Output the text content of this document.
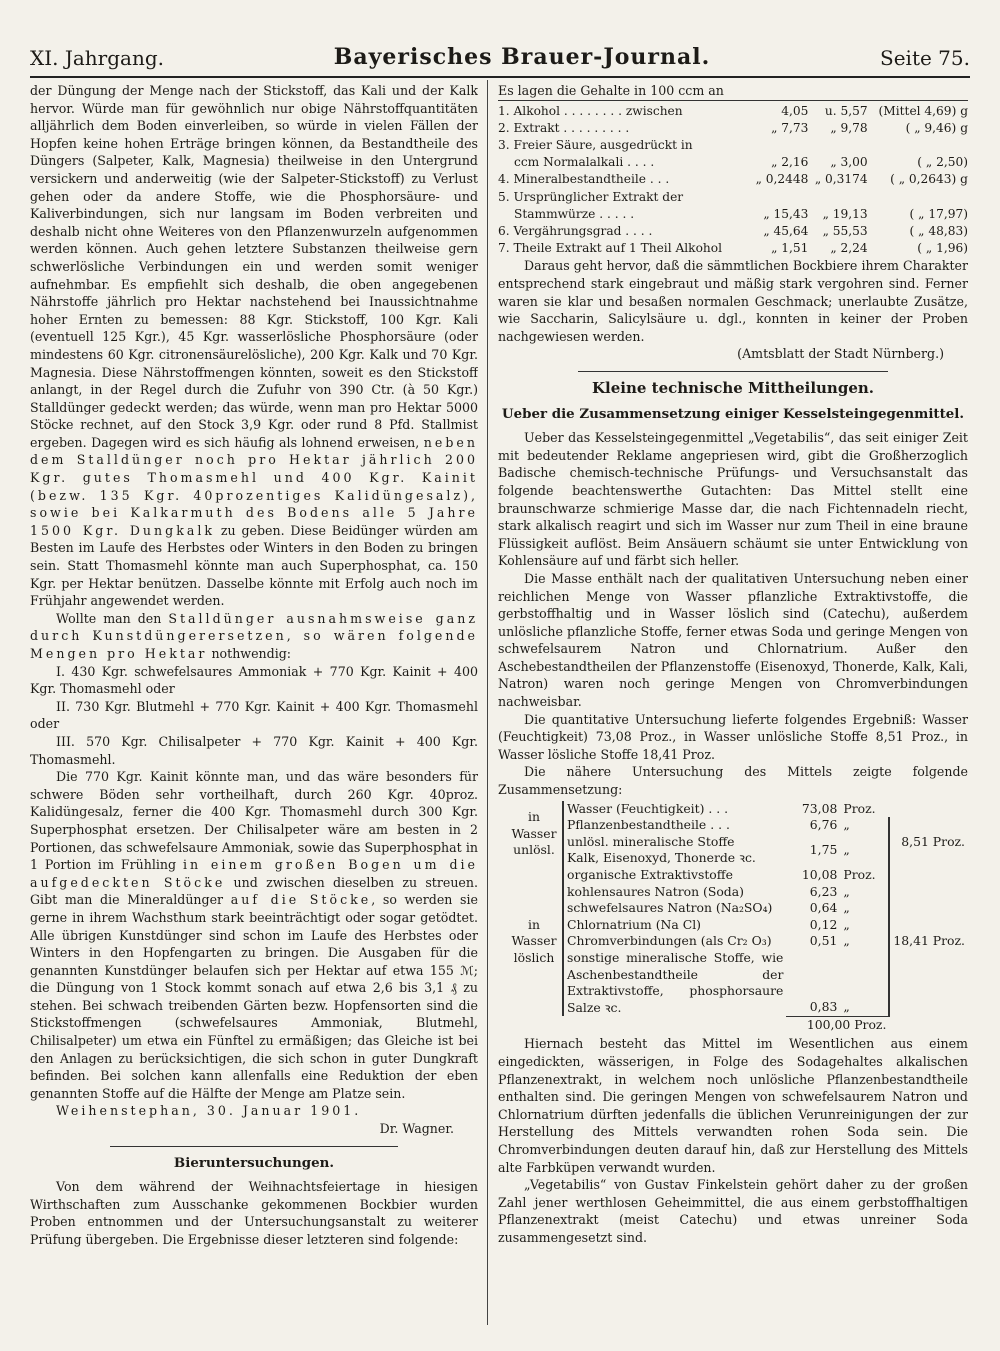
XI. Jahrgang.	Bayerisches Brauer-Journal.	Seite 75.

der Düngung der Menge nach der Stickstoff, das Kali und der Kalk hervor. Würde man für gewöhnlich nur obige Nährstoffquantitäten alljährlich dem Boden einverleiben, so würde in vielen Fällen der Hopfen keine hohen Erträge bringen können, da Bestandtheile des Düngers (Salpeter, Kalk, Magnesia) theilweise in den Untergrund versickern und anderweitig (wie der Salpeter-Stickstoff) zu Verlust gehen oder da andere Stoffe, wie die Phosphorsäure- und Kaliverbindungen, sich nur langsam im Boden verbreiten und deshalb nicht ohne Weiteres von den Pflanzenwurzeln aufgenommen werden können. Auch gehen letztere Substanzen theilweise gern schwerlösliche Verbindungen ein und werden somit weniger aufnehmbar. Es empfiehlt sich deshalb, die oben angegebenen Nährstoffe jährlich pro Hektar nachstehend bei Inaussichtnahme hoher Ernten zu bemessen: 88 Kgr. Stickstoff, 100 Kgr. Kali (eventuell 125 Kgr.), 45 Kgr. wasserlösliche Phosphorsäure (oder mindestens 60 Kgr. citronensäurelösliche), 200 Kgr. Kalk und 70 Kgr. Magnesia. Diese Nährstoffmengen könnten, soweit es den Stickstoff anlangt, in der Regel durch die Zufuhr von 390 Ctr. (à 50 Kgr.) Stalldünger gedeckt werden; das würde, wenn man pro Hektar 5000 Stöcke rechnet, auf den Stock 3,9 Kgr. oder rund 8 Pfd. Stallmist ergeben. Dagegen wird es sich häufig als lohnend erweisen, neben dem Stalldünger noch pro Hektar jährlich 200 Kgr. gutes Thomasmehl und 400 Kgr. Kainit (bezw. 135 Kgr. 40prozentiges Kalidüngesalz), sowie bei Kalkarmuth des Bodens alle 5 Jahre 1500 Kgr. Dungkalk zu geben. Diese Beidünger würden am Besten im Laufe des Herbstes oder Winters in den Boden zu bringen sein. Statt Thomasmehl könnte man auch Superphosphat, ca. 150 Kgr. per Hektar benützen. Dasselbe könnte mit Erfolg auch noch im Frühjahr angewendet werden.

Wollte man den Stalldünger ausnahmsweise ganz durch Kunstdüngerersetzen, so wären folgende Mengen pro Hektar nothwendig:

I. 430 Kgr. schwefelsaures Ammoniak + 770 Kgr. Kainit + 400 Kgr. Thomasmehl oder

II. 730 Kgr. Blutmehl + 770 Kgr. Kainit + 400 Kgr. Thomasmehl oder

III. 570 Kgr. Chilisalpeter + 770 Kgr. Kainit + 400 Kgr. Thomasmehl.

Die 770 Kgr. Kainit könnte man, und das wäre besonders für schwere Böden sehr vortheilhaft, durch 260 Kgr. 40proz. Kalidüngesalz, ferner die 400 Kgr. Thomasmehl durch 300 Kgr. Superphosphat ersetzen. Der Chilisalpeter wäre am besten in 2 Portionen, das schwefelsaure Ammoniak, sowie das Superphosphat in 1 Portion im Frühling in einem großen Bogen um die aufgedeckten Stöcke und zwischen dieselben zu streuen. Gibt man die Mineraldünger auf die Stöcke, so werden sie gerne in ihrem Wachsthum stark beeinträchtigt oder sogar getödtet. Alle übrigen Kunstdünger sind schon im Laufe des Herbstes oder Winters in den Hopfengarten zu bringen. Die Ausgaben für die genannten Kunstdünger belaufen sich per Hektar auf etwa 155 ℳ; die Düngung von 1 Stock kommt sonach auf etwa 2,6 bis 3,1 ₰ zu stehen. Bei schwach treibenden Gärten bezw. Hopfensorten sind die Stickstoffmengen (schwefelsaures Ammoniak, Blutmehl, Chilisalpeter) um etwa ein Fünftel zu ermäßigen; das Gleiche ist bei den Anlagen zu berücksichtigen, die sich schon in guter Dungkraft befinden. Bei solchen kann allenfalls eine Reduktion der eben genannten Stoffe auf die Hälfte der Menge am Platze sein.

Weihenstephan, 30. Januar 1901.

Dr. Wagner.

Bieruntersuchungen.

Von dem während der Weihnachtsfeiertage in hiesigen Wirthschaften zum Ausschanke gekommenen Bockbier wurden Proben entnommen und der Untersuchungsanstalt zu weiterer Prüfung übergeben. Die Ergebnisse dieser letzteren sind folgende:

Es lagen die Gehalte in 100 ccm an
1. Alkohol . . . . . . . . zwischen	4,05	u. 5,57	(Mittel 4,69) g
2. Extrakt . . . . . . . . .	„ 7,73	„ 9,78	( „ 9,46) g
3. Freier Säure, ausgedrückt in			
ccm Normalalkali . . . .	„ 2,16	„ 3,00	( „ 2,50)
4. Mineralbestandtheile . . .	„ 0,2448	„ 0,3174	( „ 0,2643) g
5. Ursprünglicher Extrakt der			
Stammwürze . . . . .	„ 15,43	„ 19,13	( „ 17,97)
6. Vergährungsgrad . . . .	„ 45,64	„ 55,53	( „ 48,83)
7. Theile Extrakt auf 1 Theil Alkohol	„ 1,51	„ 2,24	( „ 1,96)

Daraus geht hervor, daß die sämmtlichen Bockbiere ihrem Charakter entsprechend stark eingebraut und mäßig stark vergohren sind. Ferner waren sie klar und besaßen normalen Geschmack; unerlaubte Zusätze, wie Saccharin, Salicylsäure u. dgl., konnten in keiner der Proben nachgewiesen werden.

(Amtsblatt der Stadt Nürnberg.)

Kleine technische Mittheilungen.
Ueber die Zusammensetzung einiger Kesselsteingegenmittel.

Ueber das Kesselsteingegenmittel „Vegetabilis“, das seit einiger Zeit mit bedeutender Reklame angepriesen wird, gibt die Großherzoglich Badische chemisch-technische Prüfungs- und Versuchsanstalt das folgende beachtenswerthe Gutachten: Das Mittel stellt eine braunschwarze schmierige Masse dar, die nach Fichtennadeln riecht, stark alkalisch reagirt und sich im Wasser nur zum Theil in eine braune Flüssigkeit auflöst. Beim Ansäuern schäumt sie unter Entwicklung von Kohlensäure auf und färbt sich heller.

Die Masse enthält nach der qualitativen Untersuchung neben einer reichlichen Menge von Wasser pflanzliche Extraktivstoffe, die gerbstoffhaltig und in Wasser löslich sind (Catechu), außerdem unlösliche pflanzliche Stoffe, ferner etwas Soda und geringe Mengen von schwefelsaurem Natron und Chlornatrium. Außer den Aschebestandtheilen der Pflanzenstoffe (Eisenoxyd, Thonerde, Kalk, Kali, Natron) waren noch geringe Mengen von Chromverbindungen nachweisbar.

Die quantitative Untersuchung lieferte folgendes Ergebniß: Wasser (Feuchtigkeit) 73,08 Proz., in Wasser unlösliche Stoffe 8,51 Proz., in Wasser lösliche Stoffe 18,41 Proz.

Die nähere Untersuchung des Mittels zeigte folgende Zusammensetzung:

in Wasser unlösl.	Wasser (Feuchtigkeit) . . .	73,08	Proz.	
	Pflanzenbestandtheile . . .	6,76	„	8,51 Proz.
	unlösl. mineralische Stoffe	1,75	„	
	Kalk, Eisenoxyd, Thonerde ꝛc.			
in Wasser löslich	organische Extraktivstoffe	10,08	Proz.	18,41 Proz.
	kohlensaures Natron (Soda)	6,23	„	
	schwefelsaures Natron (Na₂SO₄)	0,64	„	
	Chlornatrium (Na Cl)	0,12	„	
	Chromverbindungen (als Cr₂ O₃)	0,51	„	
	sonstige mineralische Stoffe, wie Aschenbestandtheile der Extraktivstoffe, phosphorsaure Salze ꝛc.	0,83	„	
		100,00 Proz.		

Hiernach besteht das Mittel im Wesentlichen aus einem eingedickten, wässerigen, in Folge des Sodagehaltes alkalischen Pflanzenextrakt, in welchem noch unlösliche Pflanzenbestandtheile enthalten sind. Die geringen Mengen von schwefelsaurem Natron und Chlornatrium dürften jedenfalls die üblichen Verunreinigungen der zur Herstellung des Mittels verwandten rohen Soda sein. Die Chromverbindungen deuten darauf hin, daß zur Herstellung des Mittels alte Farbküpen verwandt wurden.

„Vegetabilis“ von Gustav Finkelstein gehört daher zu der großen Zahl jener werthlosen Geheimmittel, die aus einem gerbstoffhaltigen Pflanzenextrakt (meist Catechu) und etwas unreiner Soda zusammengesetzt sind.
